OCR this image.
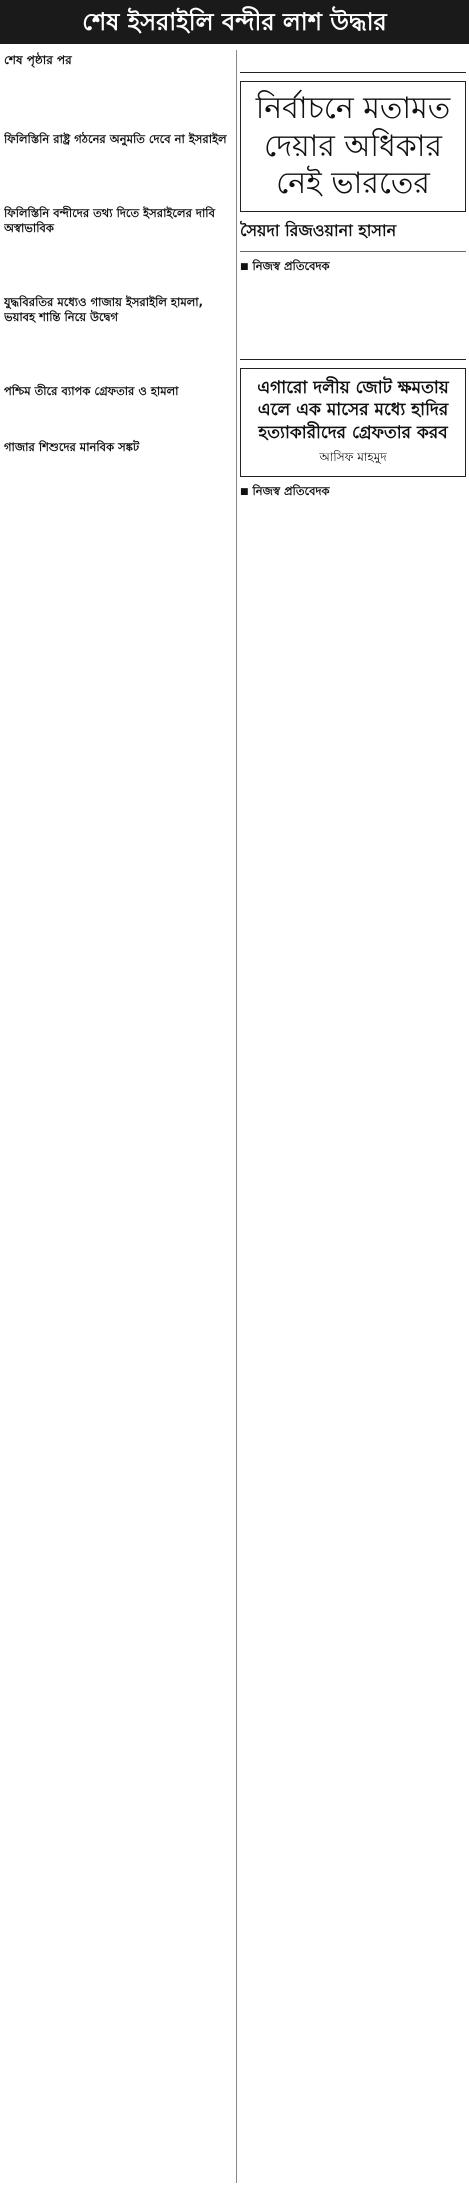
শেষ ইসরাইলি বন্দীর লাশ উদ্ধার
শেষ পৃষ্ঠার পর

ফিলিস্তিনি রাষ্ট্র গঠনের অনুমতি দেবে না ইসরাইল

ফিলিস্তিনি বন্দীদের তথ্য দিতে ইসরাইলের দাবি অস্বাভাবিক

যুদ্ধবিরতির মধ্যেও গাজায় ইসরাইলি হামলা, ভয়াবহ শান্তি নিয়ে উদ্বেগ

পশ্চিম তীরে ব্যাপক গ্রেফতার ও হামলা

গাজার শিশুদের মানবিক সঙ্কট

নির্বাচনে মতামত দেয়ার অধিকার নেই ভারতের
সৈয়দা রিজওয়ানা হাসান
■ নিজস্ব প্রতিবেদক

এগারো দলীয় জোট ক্ষমতায় এলে এক মাসের মধ্যে হাদির হত্যাকারীদের গ্রেফতার করব আসিফ মাহমুদ
■ নিজস্ব প্রতিবেদক
